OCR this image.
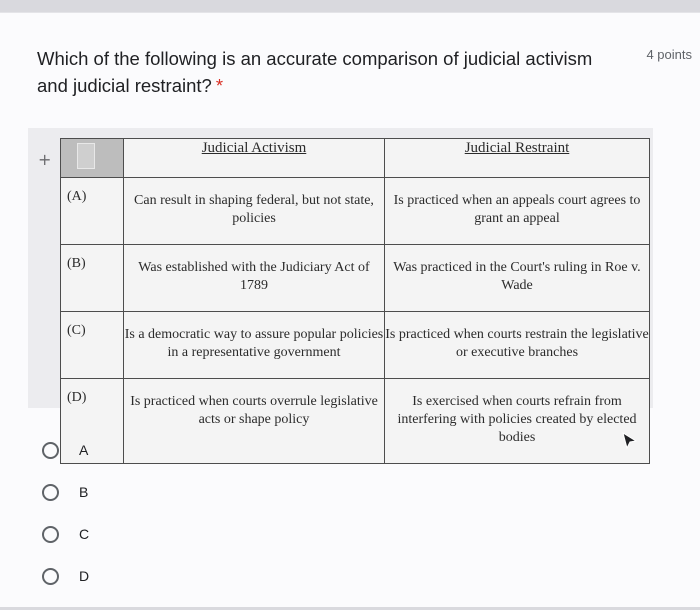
Which of the following is an accurate comparison of judicial activism and judicial restraint? *
4 points
+
	Judicial Activism	Judicial Restraint

(A)	Can result in shaping federal, but not state, policies	Is practiced when an appeals court agrees to grant an appeal

(B)	Was established with the Judiciary Act of 1789	Was practiced in the Court's ruling in Roe v. Wade

(C)	Is a democratic way to assure popular policies in a representative government	Is practiced when courts restrain the legislative or executive branches

(D)	Is practiced when courts overrule legislative acts or shape policy	Is exercised when courts refrain from interfering with policies created by elected bodies
A
B
C
D
